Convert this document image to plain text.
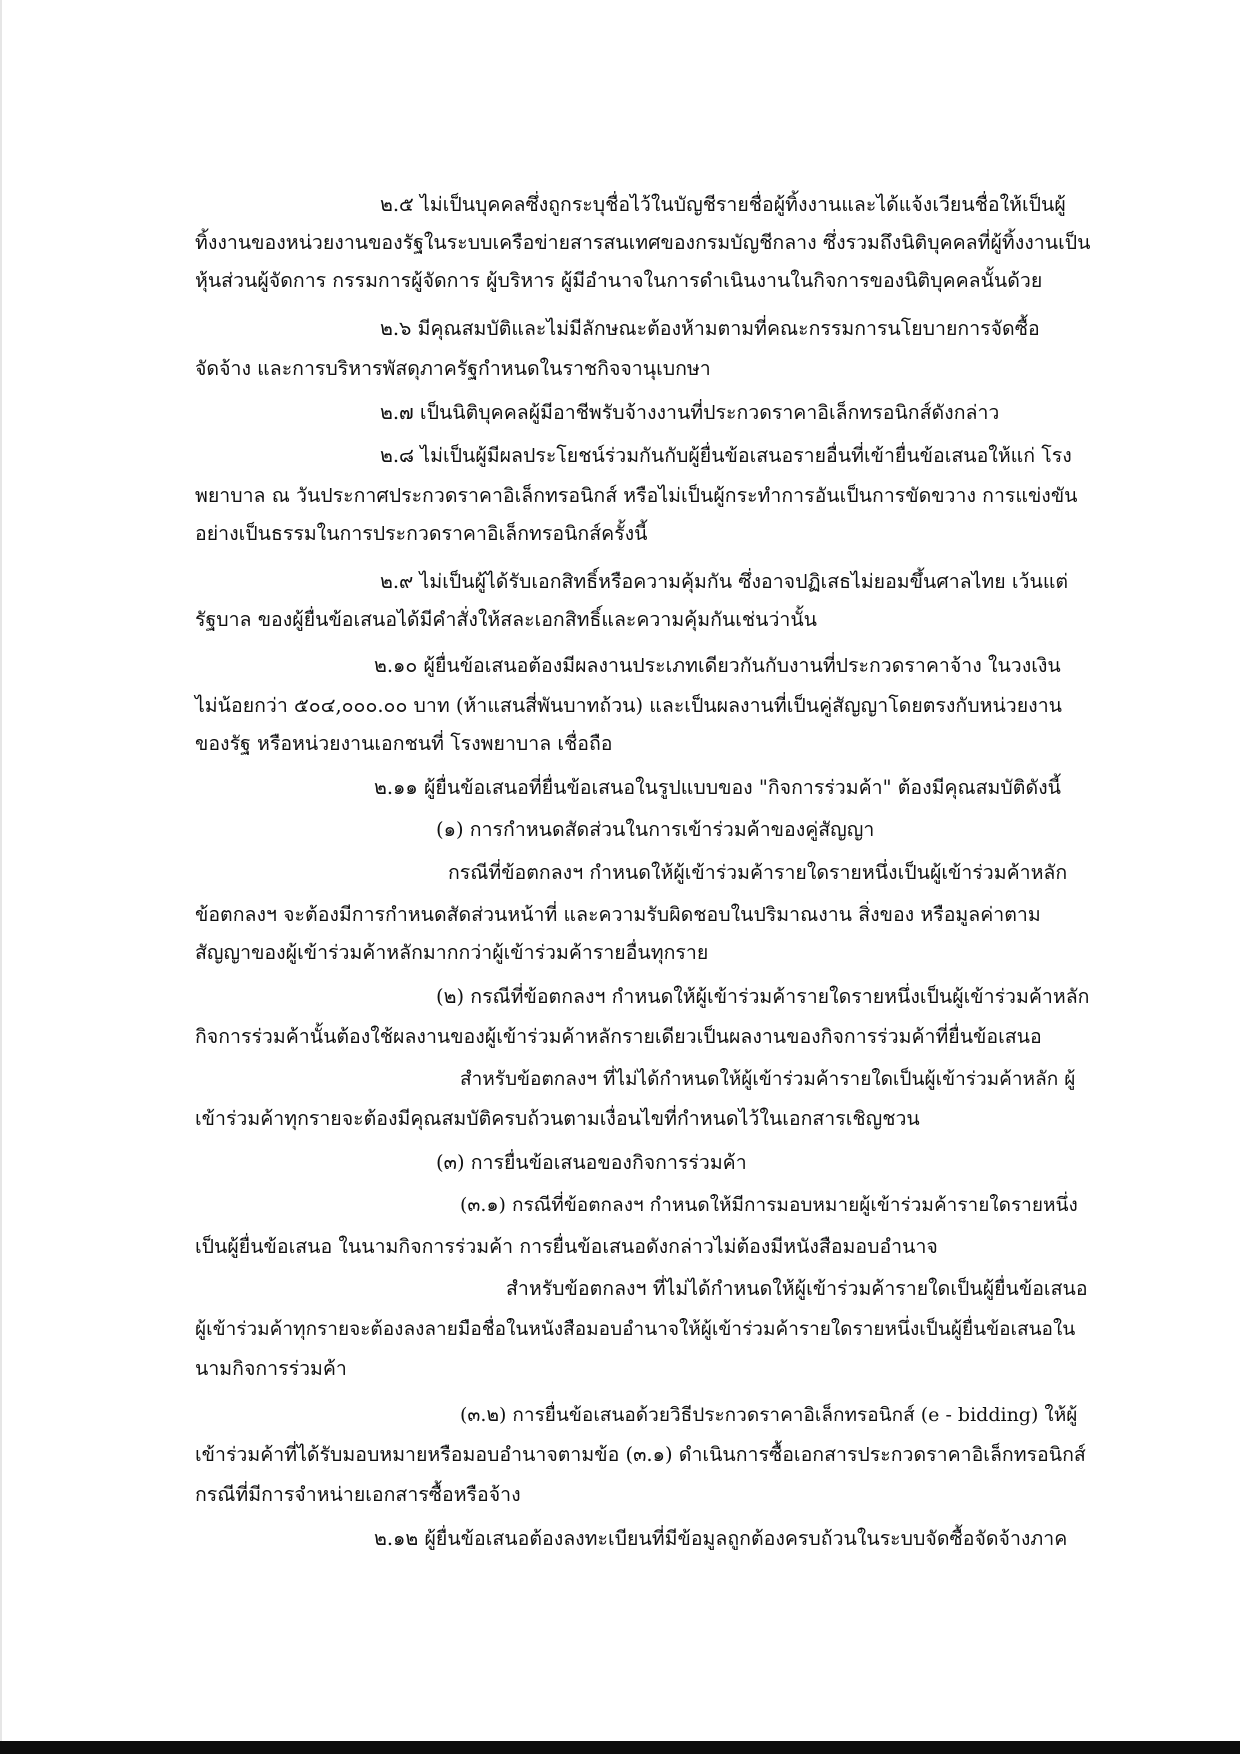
๒.๕ ไม่เป็นบุคคลซึ่งถูกระบุชื่อไว้ในบัญชีรายชื่อผู้ทิ้งงานและได้แจ้งเวียนชื่อให้เป็นผู้
ทิ้งงานของหน่วยงานของรัฐในระบบเครือข่ายสารสนเทศของกรมบัญชีกลาง ซึ่งรวมถึงนิติบุคคลที่ผู้ทิ้งงานเป็น
หุ้นส่วนผู้จัดการ กรรมการผู้จัดการ ผู้บริหาร ผู้มีอำนาจในการดำเนินงานในกิจการของนิติบุคคลนั้นด้วย
๒.๖ มีคุณสมบัติและไม่มีลักษณะต้องห้ามตามที่คณะกรรมการนโยบายการจัดซื้อ
จัดจ้าง และการบริหารพัสดุภาครัฐกำหนดในราชกิจจานุเบกษา
๒.๗ เป็นนิติบุคคลผู้มีอาชีพรับจ้างงานที่ประกวดราคาอิเล็กทรอนิกส์ดังกล่าว
๒.๘ ไม่เป็นผู้มีผลประโยชน์ร่วมกันกับผู้ยื่นข้อเสนอรายอื่นที่เข้ายื่นข้อเสนอให้แก่ โรง
พยาบาล ณ วันประกาศประกวดราคาอิเล็กทรอนิกส์ หรือไม่เป็นผู้กระทำการอันเป็นการขัดขวาง การแข่งขัน
อย่างเป็นธรรมในการประกวดราคาอิเล็กทรอนิกส์ครั้งนี้
๒.๙ ไม่เป็นผู้ได้รับเอกสิทธิ์หรือความคุ้มกัน ซึ่งอาจปฏิเสธไม่ยอมขึ้นศาลไทย เว้นแต่
รัฐบาล ของผู้ยื่นข้อเสนอได้มีคำสั่งให้สละเอกสิทธิ์และความคุ้มกันเช่นว่านั้น
๒.๑๐ ผู้ยื่นข้อเสนอต้องมีผลงานประเภทเดียวกันกับงานที่ประกวดราคาจ้าง ในวงเงิน
ไม่น้อยกว่า ๕๐๔,๐๐๐.๐๐ บาท (ห้าแสนสี่พันบาทถ้วน) และเป็นผลงานที่เป็นคู่สัญญาโดยตรงกับหน่วยงาน
ของรัฐ หรือหน่วยงานเอกชนที่ โรงพยาบาล เชื่อถือ
๒.๑๑ ผู้ยื่นข้อเสนอที่ยื่นข้อเสนอในรูปแบบของ "กิจการร่วมค้า" ต้องมีคุณสมบัติดังนี้
(๑) การกำหนดสัดส่วนในการเข้าร่วมค้าของคู่สัญญา
กรณีที่ข้อตกลงฯ กำหนดให้ผู้เข้าร่วมค้ารายใดรายหนึ่งเป็นผู้เข้าร่วมค้าหลัก
ข้อตกลงฯ จะต้องมีการกำหนดสัดส่วนหน้าที่ และความรับผิดชอบในปริมาณงาน สิ่งของ หรือมูลค่าตาม
สัญญาของผู้เข้าร่วมค้าหลักมากกว่าผู้เข้าร่วมค้ารายอื่นทุกราย
(๒) กรณีที่ข้อตกลงฯ กำหนดให้ผู้เข้าร่วมค้ารายใดรายหนึ่งเป็นผู้เข้าร่วมค้าหลัก
กิจการร่วมค้านั้นต้องใช้ผลงานของผู้เข้าร่วมค้าหลักรายเดียวเป็นผลงานของกิจการร่วมค้าที่ยื่นข้อเสนอ
สำหรับข้อตกลงฯ ที่ไม่ได้กำหนดให้ผู้เข้าร่วมค้ารายใดเป็นผู้เข้าร่วมค้าหลัก ผู้
เข้าร่วมค้าทุกรายจะต้องมีคุณสมบัติครบถ้วนตามเงื่อนไขที่กำหนดไว้ในเอกสารเชิญชวน
(๓) การยื่นข้อเสนอของกิจการร่วมค้า
(๓.๑) กรณีที่ข้อตกลงฯ กำหนดให้มีการมอบหมายผู้เข้าร่วมค้ารายใดรายหนึ่ง
เป็นผู้ยื่นข้อเสนอ ในนามกิจการร่วมค้า การยื่นข้อเสนอดังกล่าวไม่ต้องมีหนังสือมอบอำนาจ
สำหรับข้อตกลงฯ ที่ไม่ได้กำหนดให้ผู้เข้าร่วมค้ารายใดเป็นผู้ยื่นข้อเสนอ
ผู้เข้าร่วมค้าทุกรายจะต้องลงลายมือชื่อในหนังสือมอบอำนาจให้ผู้เข้าร่วมค้ารายใดรายหนึ่งเป็นผู้ยื่นข้อเสนอใน
นามกิจการร่วมค้า
(๓.๒) การยื่นข้อเสนอด้วยวิธีประกวดราคาอิเล็กทรอนิกส์ (e - bidding) ให้ผู้
เข้าร่วมค้าที่ได้รับมอบหมายหรือมอบอำนาจตามข้อ (๓.๑) ดำเนินการซื้อเอกสารประกวดราคาอิเล็กทรอนิกส์
กรณีที่มีการจำหน่ายเอกสารซื้อหรือจ้าง
๒.๑๒ ผู้ยื่นข้อเสนอต้องลงทะเบียนที่มีข้อมูลถูกต้องครบถ้วนในระบบจัดซื้อจัดจ้างภาค
